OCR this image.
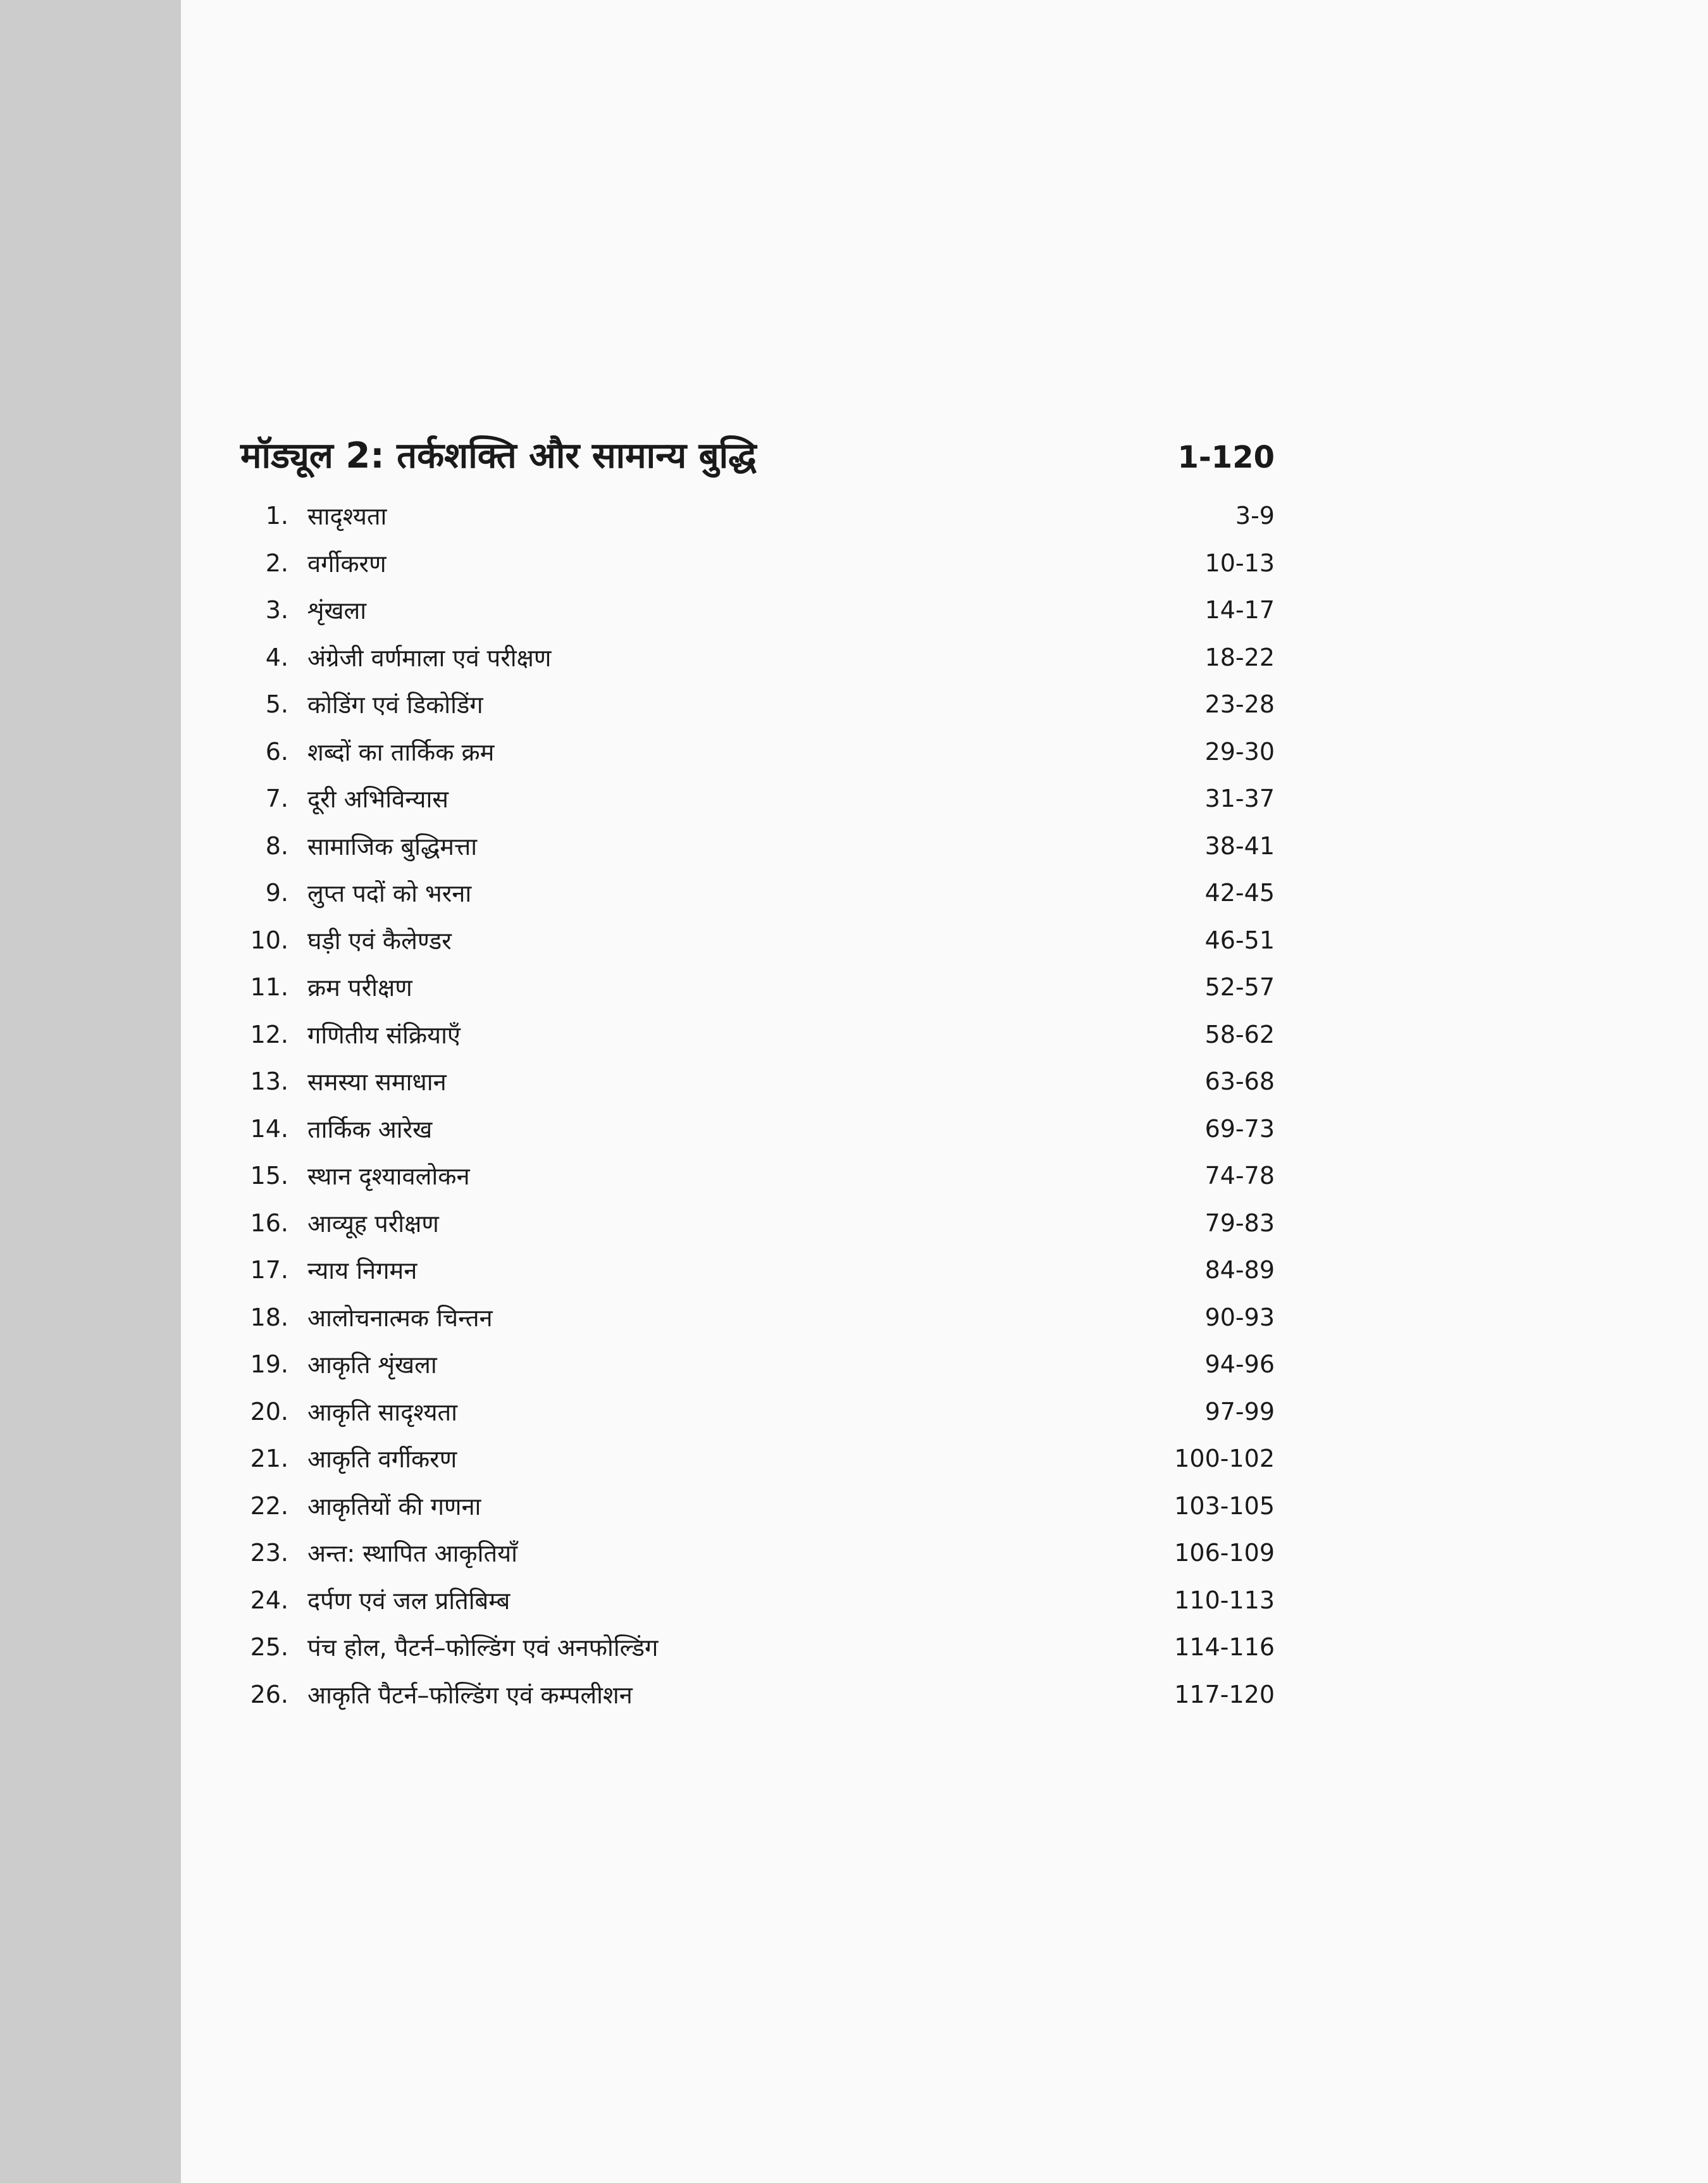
मॉड्यूल 2: तर्कशक्ति और सामान्य बुद्धि	1-120
1. सादृश्यता	3-9
2. वर्गीकरण	10-13
3. शृंखला	14-17
4. अंग्रेजी वर्णमाला एवं परीक्षण	18-22
5. कोडिंग एवं डिकोडिंग	23-28
6. शब्दों का तार्किक क्रम	29-30
7. दूरी अभिविन्यास	31-37
8. सामाजिक बुद्धिमत्ता	38-41
9. लुप्त पदों को भरना	42-45
10. घड़ी एवं कैलेण्डर	46-51
11. क्रम परीक्षण	52-57
12. गणितीय संक्रियाएँ	58-62
13. समस्या समाधान	63-68
14. तार्किक आरेख	69-73
15. स्थान दृश्यावलोकन	74-78
16. आव्यूह परीक्षण	79-83
17. न्याय निगमन	84-89
18. आलोचनात्मक चिन्तन	90-93
19. आकृति शृंखला	94-96
20. आकृति सादृश्यता	97-99
21. आकृति वर्गीकरण	100-102
22. आकृतियों की गणना	103-105
23. अन्त: स्थापित आकृतियाँ	106-109
24. दर्पण एवं जल प्रतिबिम्ब	110-113
25. पंच होल, पैटर्न–फोल्डिंग एवं अनफोल्डिंग	114-116
26. आकृति पैटर्न–फोल्डिंग एवं कम्पलीशन	117-120
